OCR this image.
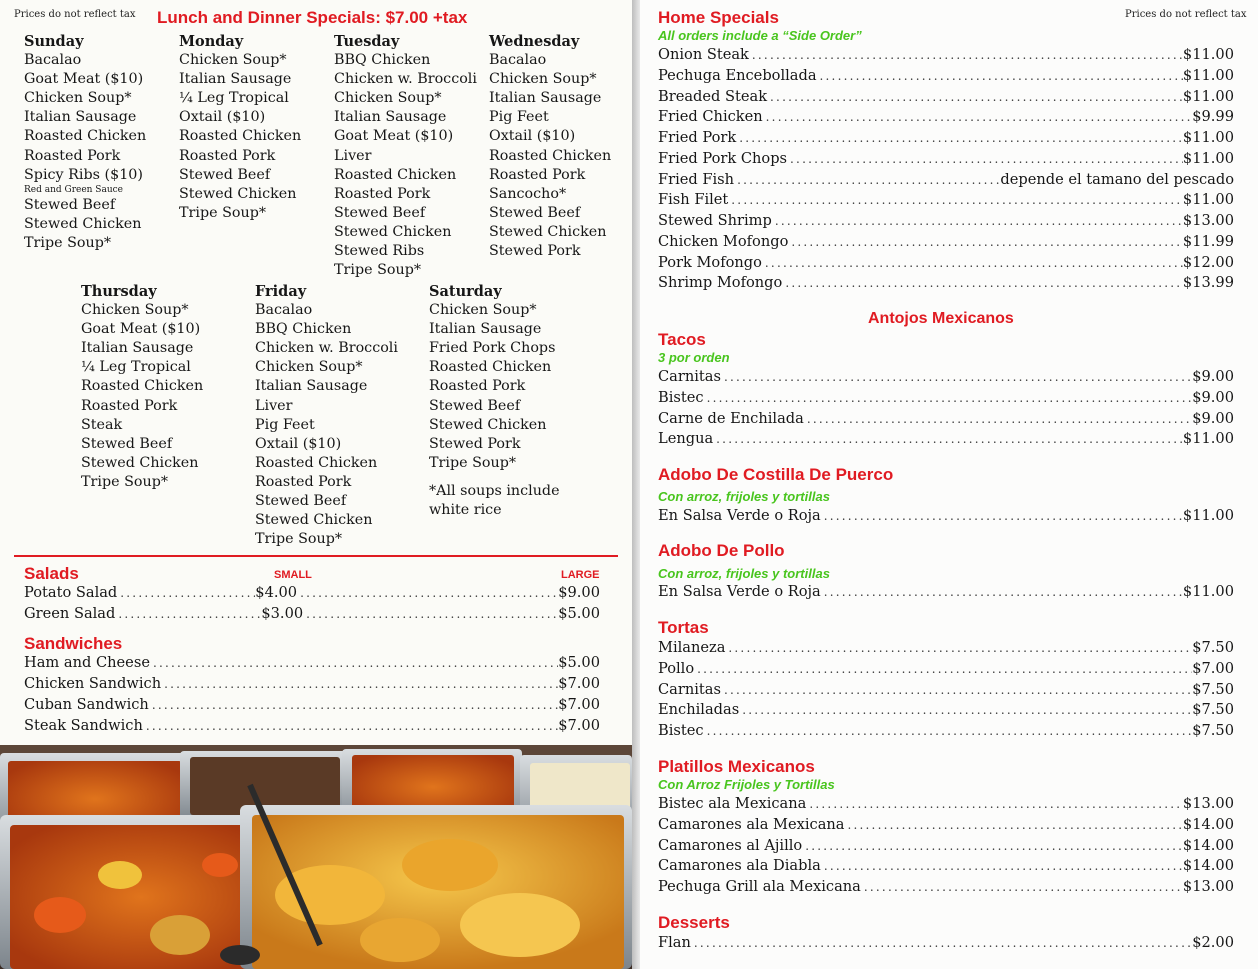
Prices do not reflect tax Lunch and Dinner Specials: $7.00 +tax
Sunday
Bacalao
Goat Meat ($10)
Chicken Soup*
Italian Sausage
Roasted Chicken
Roasted Pork
Spicy Ribs ($10)
Red and Green Sauce
Stewed Beef
Stewed Chicken
Tripe Soup*
Monday
Chicken Soup*
Italian Sausage
¼ Leg Tropical
Oxtail ($10)
Roasted Chicken
Roasted Pork
Stewed Beef
Stewed Chicken
Tripe Soup*
Tuesday
BBQ Chicken
Chicken w. Broccoli
Chicken Soup*
Italian Sausage
Goat Meat ($10)
Liver
Roasted Chicken
Roasted Pork
Stewed Beef
Stewed Chicken
Stewed Ribs
Tripe Soup*
Wednesday
Bacalao
Chicken Soup*
Italian Sausage
Pig Feet
Oxtail ($10)
Roasted Chicken
Roasted Pork
Sancocho*
Stewed Beef
Stewed Chicken
Stewed Pork
Thursday
Chicken Soup*
Goat Meat ($10)
Italian Sausage
¼ Leg Tropical
Roasted Chicken
Roasted Pork
Steak
Stewed Beef
Stewed Chicken
Tripe Soup*
Friday
Bacalao
BBQ Chicken
Chicken w. Broccoli
Chicken Soup*
Italian Sausage
Liver
Pig Feet
Oxtail ($10)
Roasted Chicken
Roasted Pork
Stewed Beef
Stewed Chicken
Tripe Soup*
Saturday
Chicken Soup*
Italian Sausage
Fried Pork Chops
Roasted Chicken
Roasted Pork
Stewed Beef
Stewed Chicken
Stewed Pork
Tripe Soup*
*All soups include
white rice
Salads	SMALL	LARGE
Potato Salad .....	$4.00 .....	$9.00
Green Salad .....	$3.00 .....	$5.00
Sandwiches
Ham and Cheese .....	$5.00
Chicken Sandwich .....	$7.00
Cuban Sandwich .....	$7.00
Steak Sandwich .....	$7.00
Prices do not reflect tax
Home Specials
All orders include a “Side Order”
Onion Steak .....	$11.00
Pechuga Encebollada .....	$11.00
Breaded Steak .....	$11.00
Fried Chicken .....	$9.99
Fried Pork .....	$11.00
Fried Pork Chops .....	$11.00
Fried Fish .....	depende el tamano del pescado
Fish Filet .....	$11.00
Stewed Shrimp .....	$13.00
Chicken Mofongo .....	$11.99
Pork Mofongo .....	$12.00
Shrimp Mofongo .....	$13.99
Antojos Mexicanos
Tacos
3 por orden
Carnitas .....	$9.00
Bistec .....	$9.00
Carne de Enchilada .....	$9.00
Lengua .....	$11.00
Adobo De Costilla De Puerco
Con arroz, frijoles y tortillas
En Salsa Verde o Roja .....	$11.00
Adobo De Pollo
Con arroz, frijoles y tortillas
En Salsa Verde o Roja .....	$11.00
Tortas
Milaneza .....	$7.50
Pollo .....	$7.00
Carnitas .....	$7.50
Enchiladas .....	$7.50
Bistec .....	$7.50
Platillos Mexicanos
Con Arroz Frijoles y Tortillas
Bistec ala Mexicana .....	$13.00
Camarones ala Mexicana .....	$14.00
Camarones al Ajillo .....	$14.00
Camarones ala Diabla .....	$14.00
Pechuga Grill ala Mexicana .....	$13.00
Desserts
Flan .....	$2.00
